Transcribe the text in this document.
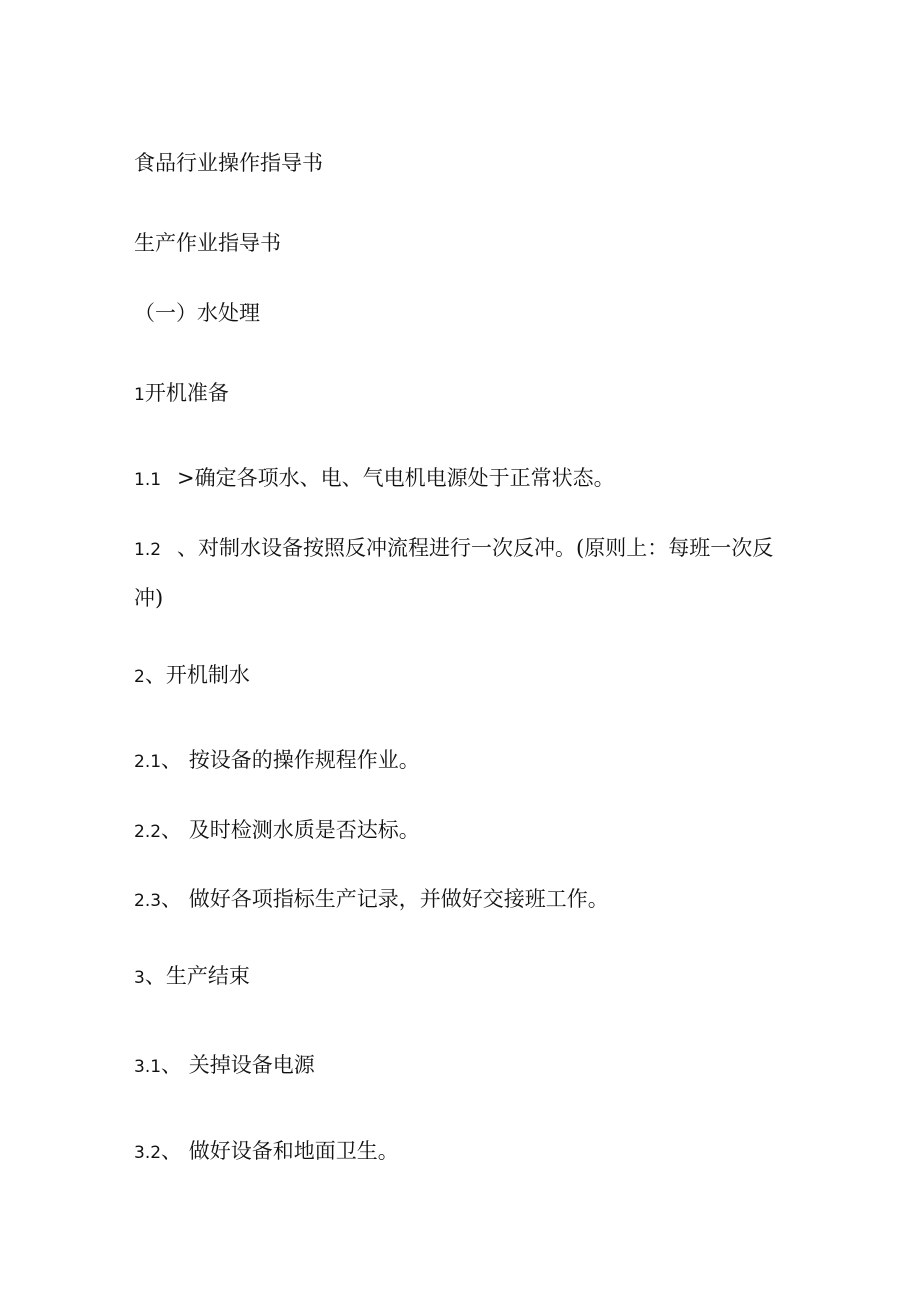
食品行业操作指导书
生产作业指导书
（一）水处理
1开机准备
1.1 >确定各项水、电、气电机电源处于正常状态。
1.2 、对制水设备按照反冲流程进行一次反冲。(原则上：每班一次反冲)
2、开机制水
2.1、 按设备的操作规程作业。
2.2、 及时检测水质是否达标。
2.3、 做好各项指标生产记录，并做好交接班工作。
3、生产结束
3.1、 关掉设备电源
3.2、 做好设备和地面卫生。
